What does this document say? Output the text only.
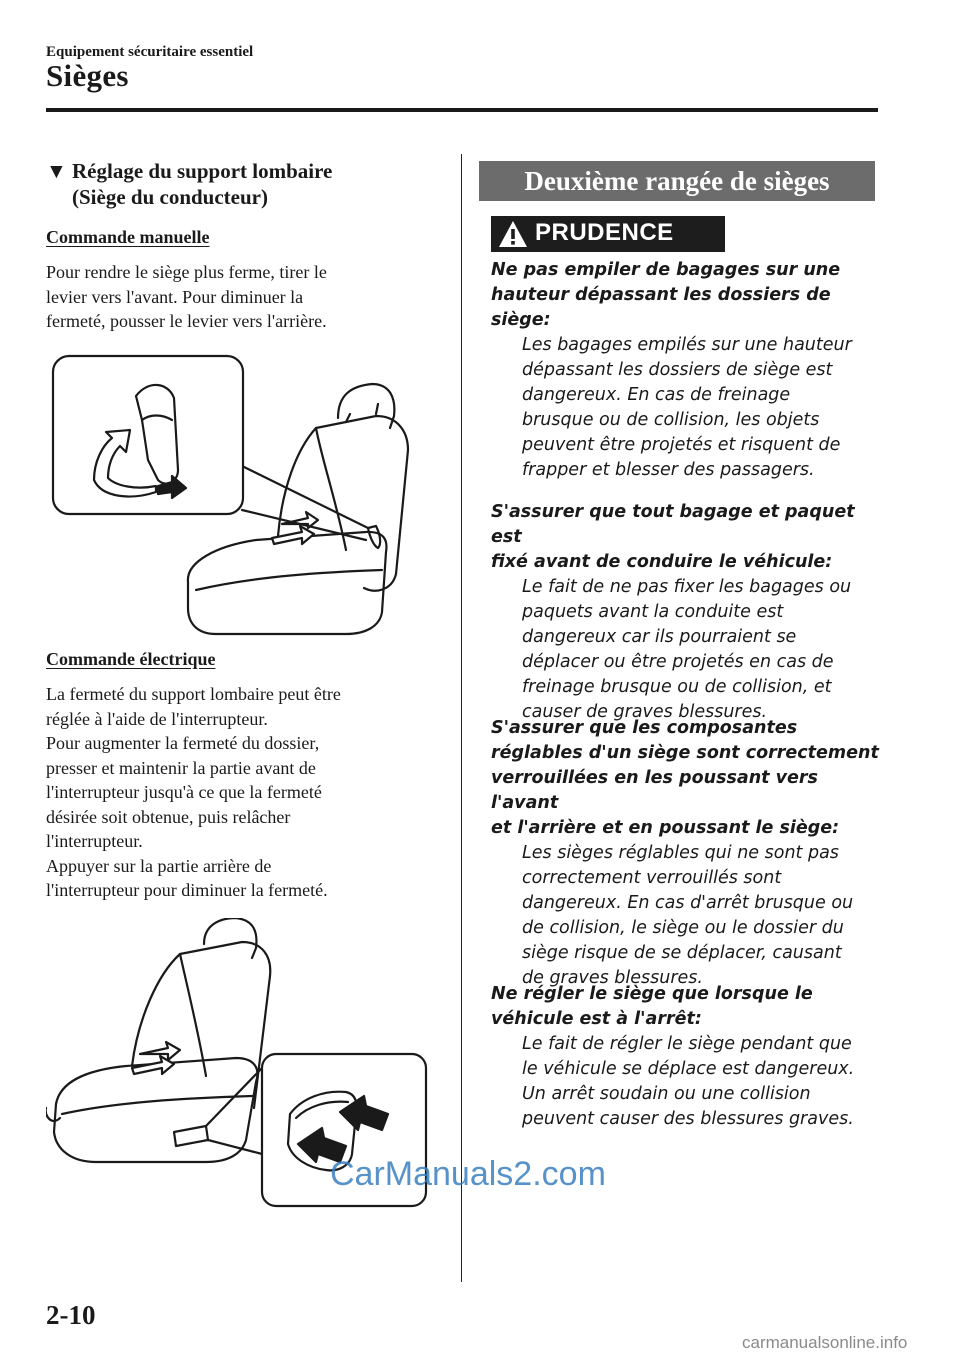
Equipement sécuritaire essentiel
Sièges
▼ Réglage du support lombaire
(Siège du conducteur)
Commande manuelle

Pour rendre le siège plus ferme, tirer le

levier vers l'avant. Pour diminuer la

fermeté, pousser le levier vers l'arrière.

Commande électrique

La fermeté du support lombaire peut être

réglée à l'aide de l'interrupteur.

Pour augmenter la fermeté du dossier,

presser et maintenir la partie avant de

l'interrupteur jusqu'à ce que la fermeté

désirée soit obtenue, puis relâcher

l'interrupteur.

Appuyer sur la partie arrière de

l'interrupteur pour diminuer la fermeté.

Deuxième rangée de sièges
PRUDENCE

Ne pas empiler de bagages sur une

hauteur dépassant les dossiers de

siège:

Les bagages empilés sur une hauteur

dépassant les dossiers de siège est

dangereux. En cas de freinage

brusque ou de collision, les objets

peuvent être projetés et risquent de

frapper et blesser des passagers.

S'assurer que tout bagage et paquet est

fixé avant de conduire le véhicule:

Le fait de ne pas fixer les bagages ou

paquets avant la conduite est

dangereux car ils pourraient se

déplacer ou être projetés en cas de

freinage brusque ou de collision, et

causer de graves blessures.

S'assurer que les composantes

réglables d'un siège sont correctement

verrouillées en les poussant vers l'avant

et l'arrière et en poussant le siège:

Les sièges réglables qui ne sont pas

correctement verrouillés sont

dangereux. En cas d'arrêt brusque ou

de collision, le siège ou le dossier du

siège risque de se déplacer, causant

de graves blessures.

Ne régler le siège que lorsque le

véhicule est à l'arrêt:

Le fait de régler le siège pendant que

le véhicule se déplace est dangereux.

Un arrêt soudain ou une collision

peuvent causer des blessures graves.

CarManuals2.com
2-10
carmanualsonline.info
